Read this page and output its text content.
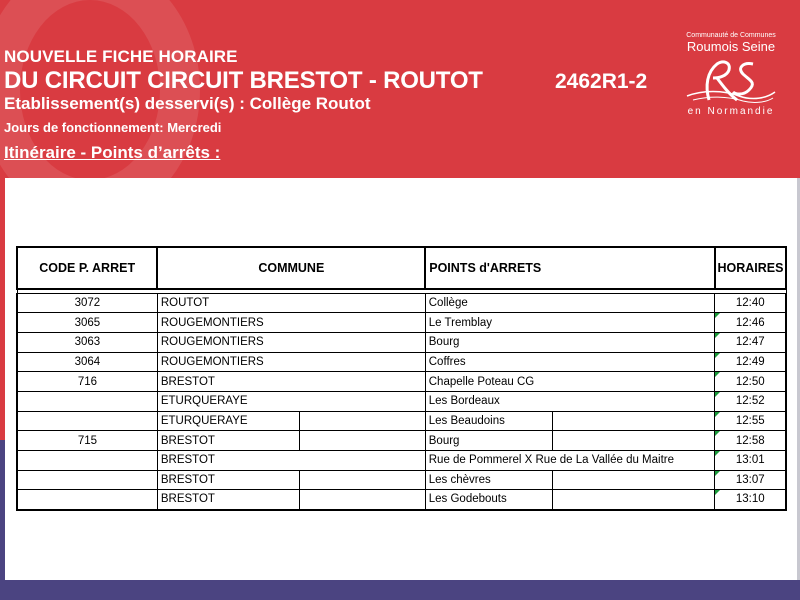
NOUVELLE FICHE HORAIRE
DU CIRCUIT CIRCUIT BRESTOT - ROUTOT	2462R1-2
Etablissement(s) desservi(s) : Collège Routot
Jours de fonctionnement: Mercredi
Itinéraire - Points d’arrêts :
Communauté de Communes
Roumois Seine
en Normandie
CODE P. ARRET	COMMUNE		POINTS d'ARRETS		HORAIRES

3072	ROUTOT		Collège		12:40
3065	ROUGEMONTIERS		Le Tremblay		12:46
3063	ROUGEMONTIERS		Bourg		12:47
3064	ROUGEMONTIERS		Coffres		12:49
716	BRESTOT		Chapelle Poteau CG		12:50
	ETURQUERAYE		Les Bordeaux		12:52
	ETURQUERAYE		Les Beaudoins		12:55
715	BRESTOT		Bourg		12:58
	BRESTOT		Rue de Pommerel X Rue de La Vallée du Maitre		13:01
	BRESTOT		Les chèvres		13:07
	BRESTOT		Les Godebouts		13:10
